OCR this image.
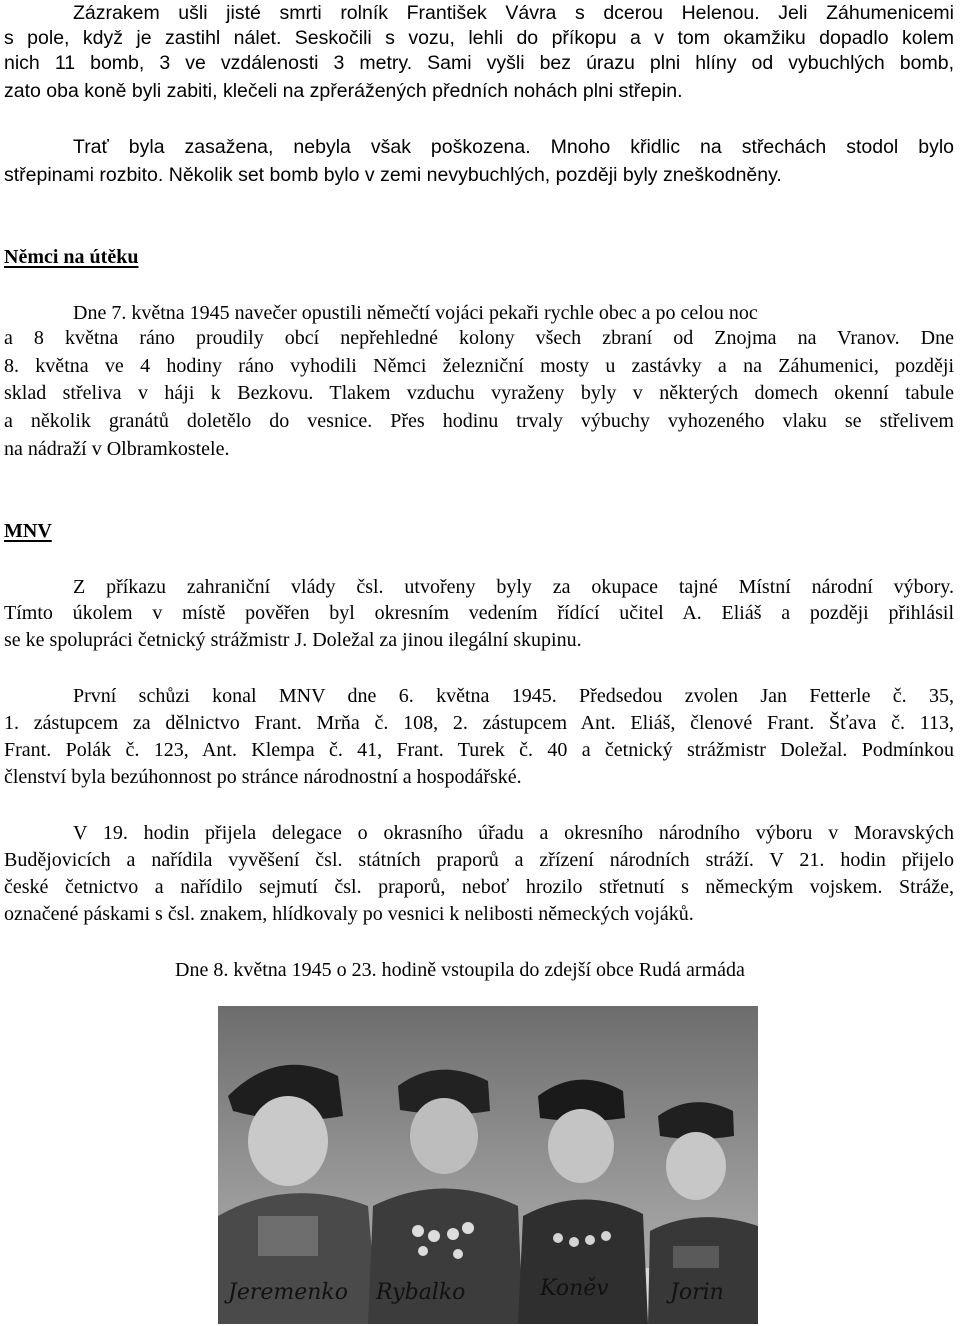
Zázrakem ušli jisté smrti rolník František Vávra s dcerou Helenou. Jeli Záhumenicemi
s pole, když je zastihl nálet. Seskočili s vozu, lehli do příkopu a v tom okamžiku dopadlo kolem
nich 11 bomb, 3 ve vzdálenosti 3 metry. Sami vyšli bez úrazu plni hlíny od vybuchlých bomb,
zato oba koně byli zabiti, klečeli na zpřerážených předních nohách plni střepin.
Trať byla zasažena, nebyla však poškozena. Mnoho křidlic na střechách stodol bylo
střepinami rozbito. Několik set bomb bylo v zemi nevybuchlých, později byly zneškodněny.
Němci na útěku
Dne 7. května 1945 navečer opustili němečtí vojáci pekaři rychle obec a po celou noc
a 8 května ráno proudily obcí nepřehledné kolony všech zbraní od Znojma na Vranov. Dne
8. května ve 4 hodiny ráno vyhodili Němci železniční mosty u zastávky a na Záhumenici, později
sklad střeliva v háji k Bezkovu. Tlakem vzduchu vyraženy byly v některých domech okenní tabule
a několik granátů doletělo do vesnice. Přes hodinu trvaly výbuchy vyhozeného vlaku se střelivem
na nádraží v Olbramkostele.
MNV
Z příkazu zahraniční vlády čsl. utvořeny byly za okupace tajné Místní národní výbory.
Tímto úkolem v místě pověřen byl okresním vedením řídící učitel A. Eliáš a později přihlásil
se ke spolupráci četnický strážmistr J. Doležal za jinou ilegální skupinu.
První schůzi konal MNV dne 6. května 1945. Předsedou zvolen Jan Fetterle č. 35,
1. zástupcem za dělnictvo Frant. Mrňa č. 108, 2. zástupcem Ant. Eliáš, členové Frant. Šťava č. 113,
Frant. Polák č. 123, Ant. Klempa č. 41, Frant. Turek č. 40 a četnický strážmistr Doležal. Podmínkou
členství byla bezúhonnost po stránce národnostní a hospodářské.
V 19. hodin přijela delegace o okrasního úřadu a okresního národního výboru v Moravských
Budějovicích a nařídila vyvěšení čsl. státních praporů a zřízení národních stráží. V 21. hodin přijelo
české četnictvo a nařídilo sejmutí čsl. praporů, neboť hrozilo střetnutí s německým vojskem. Stráže,
označené páskami s čsl. znakem, hlídkovaly po vesnici k nelibosti německých vojáků.
Dne 8. května 1945 o 23. hodině vstoupila do zdejší obce Rudá armáda
Jeremenko Rybalko	Koněv	Jorin
